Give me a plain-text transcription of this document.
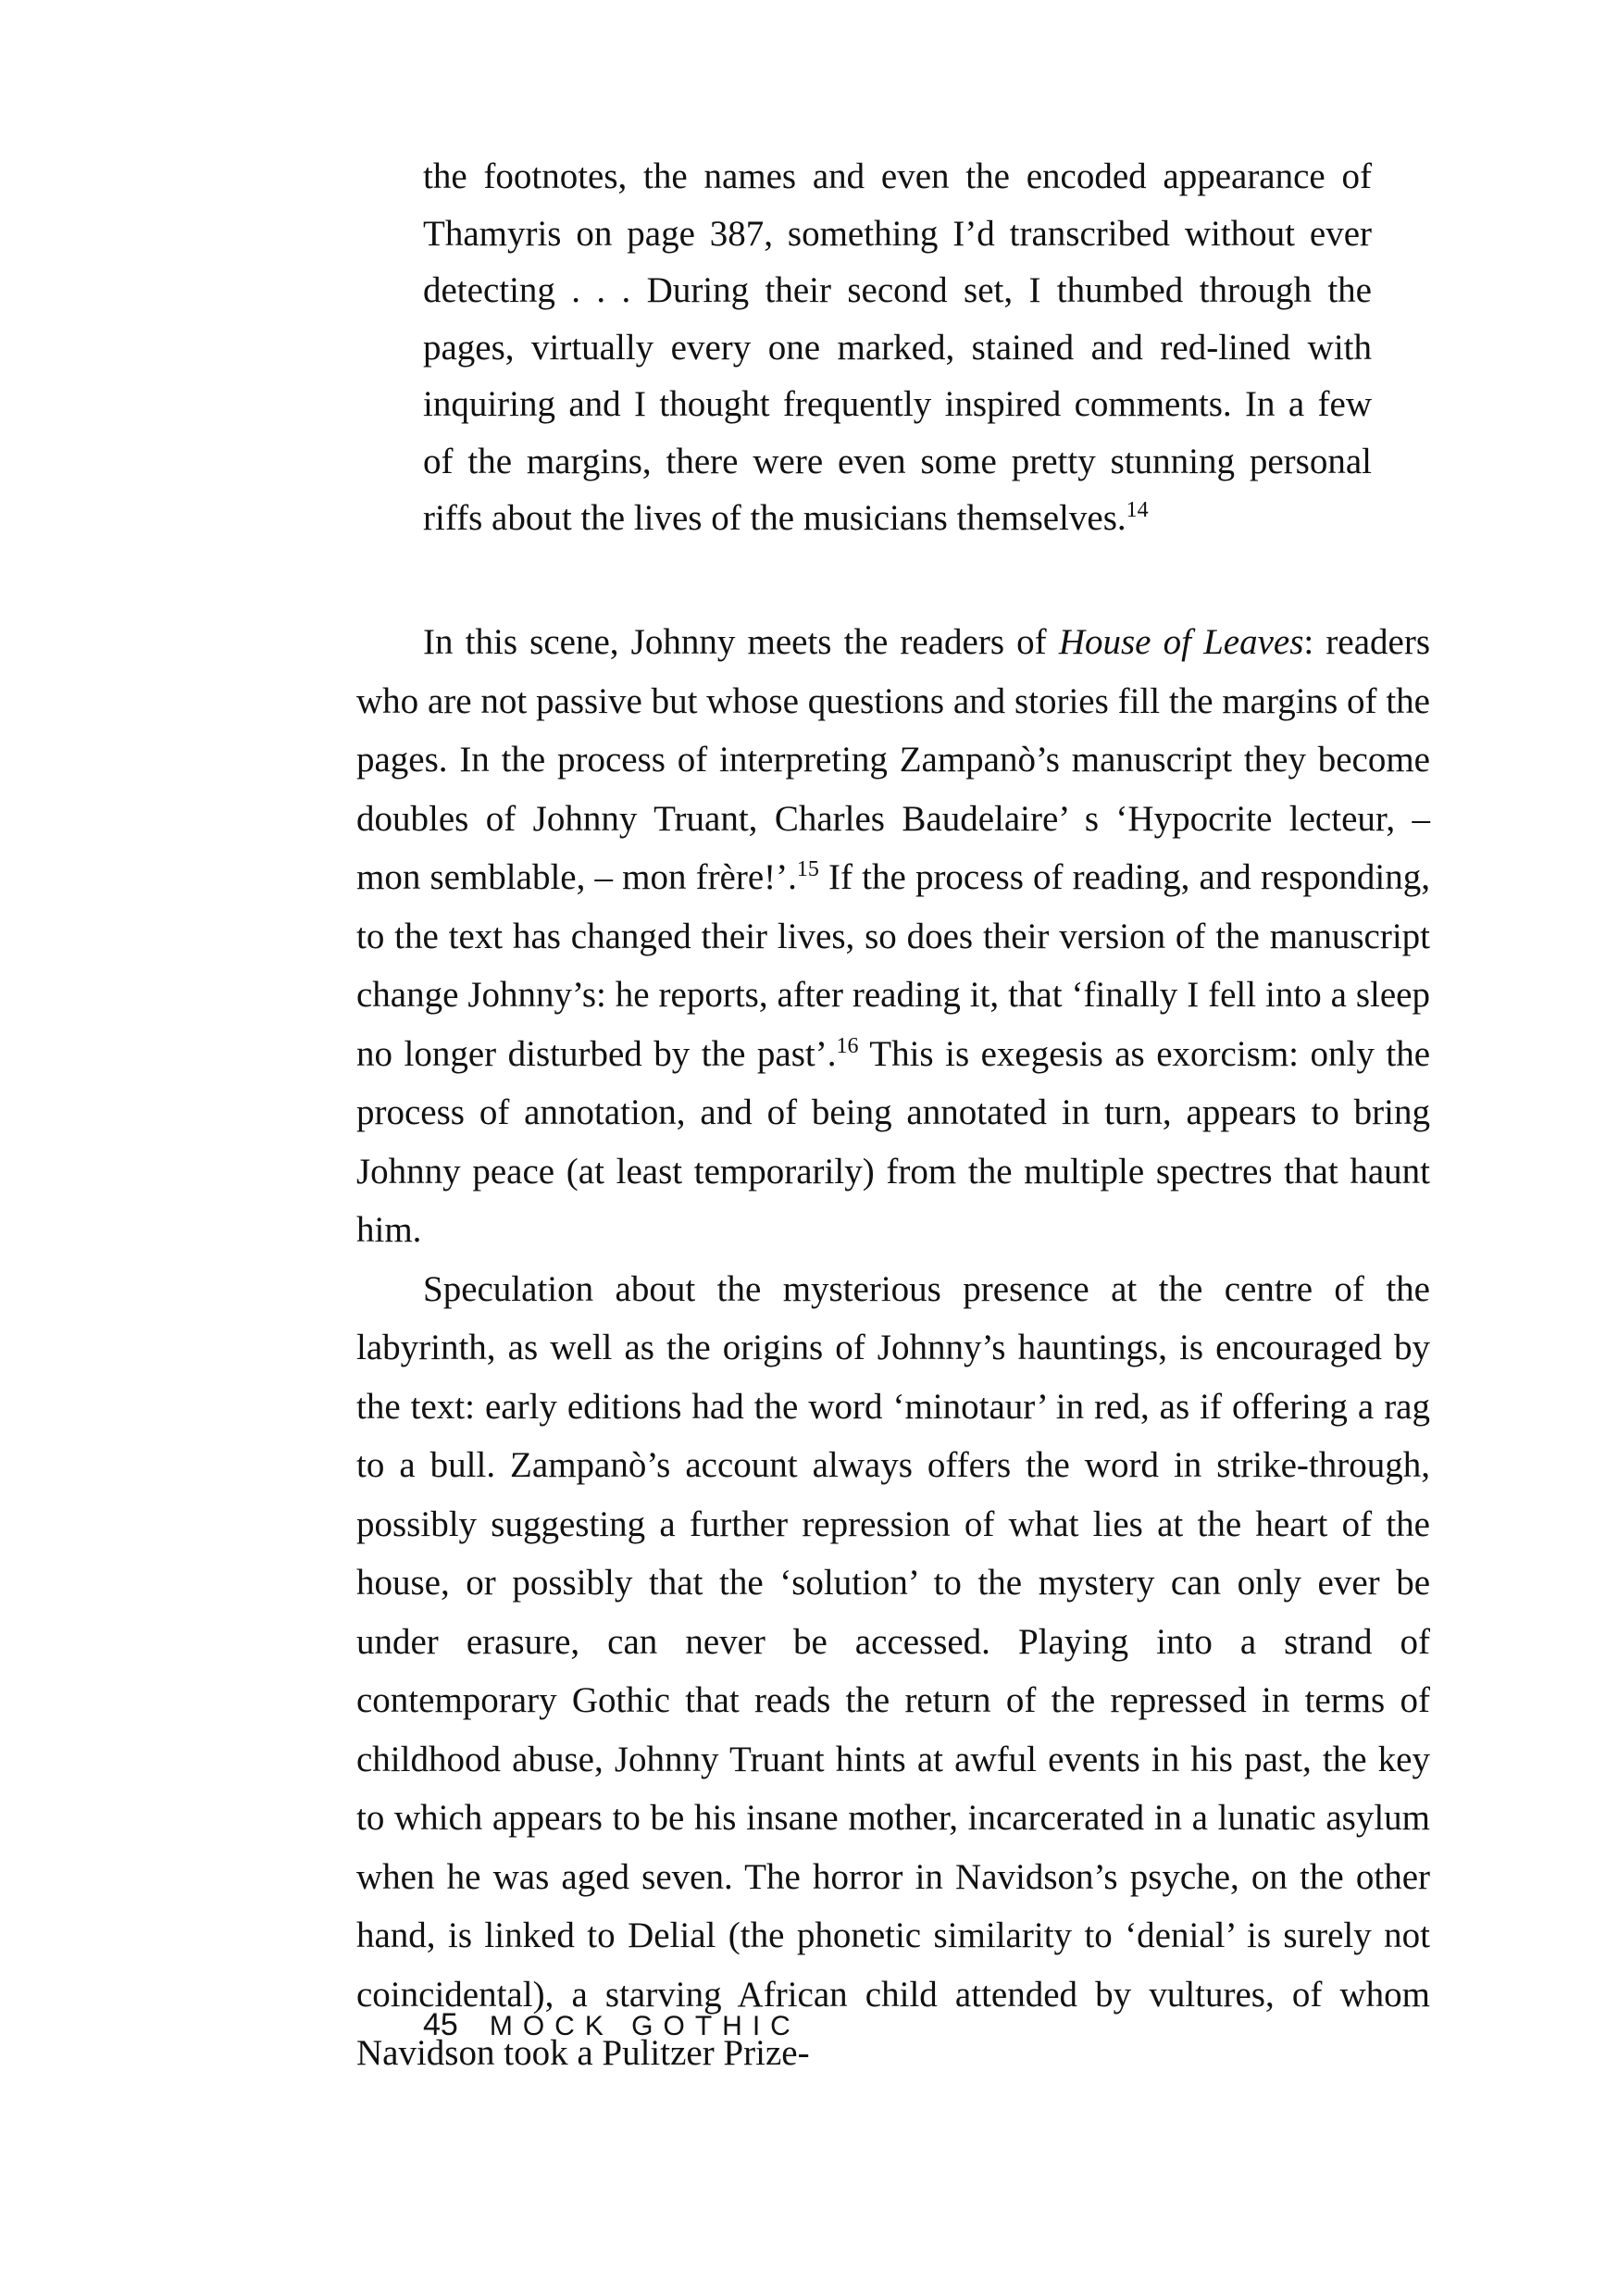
the footnotes, the names and even the encoded appearance of Thamyris on page 387, something I’d transcribed without ever detecting . . . During their second set, I thumbed through the pages, virtually every one marked, stained and red-lined with inquiring and I thought frequently inspired comments. In a few of the margins, there were even some pretty stunning personal riffs about the lives of the musicians themselves.$^{14}$

In this scene, Johnny meets the readers of House of Leaves: readers who are not passive but whose questions and stories fill the margins of the pages. In the process of interpreting Zampanò’s manuscript they become doubles of Johnny Truant, Charles Baudelaire’ s ‘Hypocrite lecteur, – mon semblable, – mon frère!’.$^{15}$ If the process of reading, and responding, to the text has changed their lives, so does their version of the manuscript change Johnny’s: he reports, after reading it, that ‘finally I fell into a sleep no longer disturbed by the past’.$^{16}$ This is exegesis as exorcism: only the process of annotation, and of being annotated in turn, appears to bring Johnny peace (at least temporarily) from the multiple spectres that haunt him.

Speculation about the mysterious presence at the centre of the labyrinth, as well as the origins of Johnny’s hauntings, is encouraged by the text: early editions had the word ‘minotaur’ in red, as if offering a rag to a bull. Zampanò’s account always offers the word in strike-through, possibly suggesting a further repression of what lies at the heart of the house, or possibly that the ‘solution’ to the mystery can only ever be under erasure, can never be accessed. Playing into a strand of contemporary Gothic that reads the return of the repressed in terms of childhood abuse, Johnny Truant hints at awful events in his past, the key to which appears to be his insane mother, incarcerated in a lunatic asylum when he was aged seven. The horror in Navidson’s psyche, on the other hand, is linked to Delial (the phonetic similarity to ‘denial’ is surely not coincidental), a starving African child attended by vultures, of whom Navidson took a Pulitzer Prize-

45 MOCK GOTHIC
